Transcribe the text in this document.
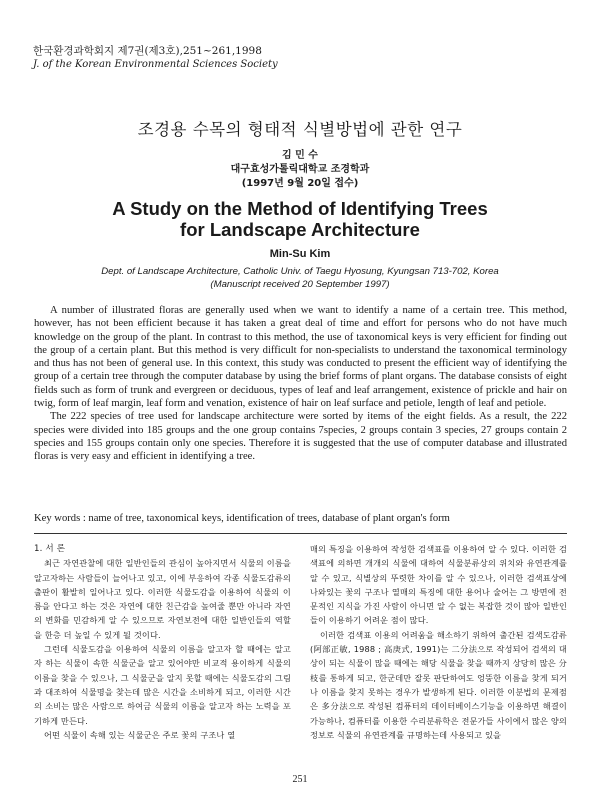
한국환경과학회지 제7권(제3호),251~261,1998
J. of the Korean Environmental Sciences Society
조경용 수목의 형태적 식별방법에 관한 연구
김 민 수
대구효성가톨릭대학교 조경학과
(1997년 9월 20일 접수)
A Study on the Method of Identifying Trees
for Landscape Architecture
Min-Su Kim
Dept. of Landscape Architecture, Catholic Univ. of Taegu Hyosung, Kyungsan 713-702, Korea
(Manuscript received 20 September 1997)

A number of illustrated floras are generally used when we want to identify a name of a certain tree. This method, however, has not been efficient because it has taken a great deal of time and effort for persons who do not have much knowledge on the group of the plant. In contrast to this method, the use of taxonomical keys is very efficient for finding out the group of a certain plant. But this method is very difficult for non-specialists to understand the taxonomical terminology and thus has not been of general use. In this context, this study was conducted to present the efficient way of identifying the group of a certain tree through the computer database by using the brief forms of plant organs. The database consists of eight fields such as form of trunk and evergreen or deciduous, types of leaf and leaf arrangement, existence of prickle and hair on twig, form of leaf margin, leaf form and venation, existence of hair on leaf surface and petiole, length of leaf and petiole.

The 222 species of tree used for landscape architecture were sorted by items of the eight fields. As a result, the 222 species were divided into 185 groups and the one group contains 7species, 2 groups contain 3 species, 27 groups contain 2 species and 155 groups contain only one species. Therefore it is suggested that the use of computer database and illustrated floras is very easy and efficient in identifying a tree.

Key words : name of tree, taxonomical keys, identification of trees, database of plant organ's form

1. 서 론

최근 자연관찰에 대한 일반인들의 관심이 높아지면서 식물의 이름을 알고자하는 사람들이 늘어나고 있고, 이에 부응하여 각종 식물도감류의 출판이 활발히 일어나고 있다. 이러한 식물도감을 이용하여 식물의 이름을 안다고 하는 것은 자연에 대한 친근감을 높여줄 뿐만 아니라 자연의 변화를 민감하게 알 수 있으므로 자연보전에 대한 일반인들의 역할을 한층 더 높일 수 있게 될 것이다.

그런데 식물도감을 이용하여 식물의 이름을 알고자 할 때에는 알고자 하는 식물이 속한 식물군을 알고 있어야만 비교적 용이하게 식물의 이름을 찾을 수 있으나, 그 식물군을 알지 못할 때에는 식물도감의 그림과 대조하여 식물명을 찾는데 많은 시간을 소비하게 되고, 이러한 시간의 소비는 많은 사람으로 하여금 식물의 이름을 알고자 하는 노력을 포기하게 만든다.

어떤 식물이 속해 있는 식물군은 주로 꽃의 구조나 열

매의 특징을 이용하여 작성한 검색표를 이용하여 알 수 있다. 이러한 검색표에 의하면 개개의 식물에 대하여 식물분류상의 위치와 유연관계를 알 수 있고, 식별상의 뚜렷한 차이를 알 수 있으나, 이러한 검색표상에 나와있는 꽃의 구조나 열매의 특징에 대한 용어나 술어는 그 방면에 전문적인 지식을 가진 사람이 아니면 알 수 없는 복잡한 것이 많아 일반인들이 이용하기 어려운 점이 많다.

이러한 검색표 이용의 어려움을 해소하기 위하여 출간된 검색도감류(阿部正敏, 1988 ; 高庚式, 1991)는 二分法으로 작성되어 검색의 대상이 되는 식물이 많을 때에는 해당 식물을 찾을 때까지 상당히 많은 分枝를 통하게 되고, 한군데만 잘못 판단하여도 엉뚱한 이름을 찾게 되거나 이름을 찾지 못하는 경우가 발생하게 된다. 이러한 이분법의 문제점은 多分法으로 작성된 컴퓨터의 데이터베이스기능을 이용하면 해결이 가능하나, 컴퓨터를 이용한 수리분류학은 전문가들 사이에서 많은 양의 정보로 식물의 유연관계를 규명하는데 사용되고 있을

251
